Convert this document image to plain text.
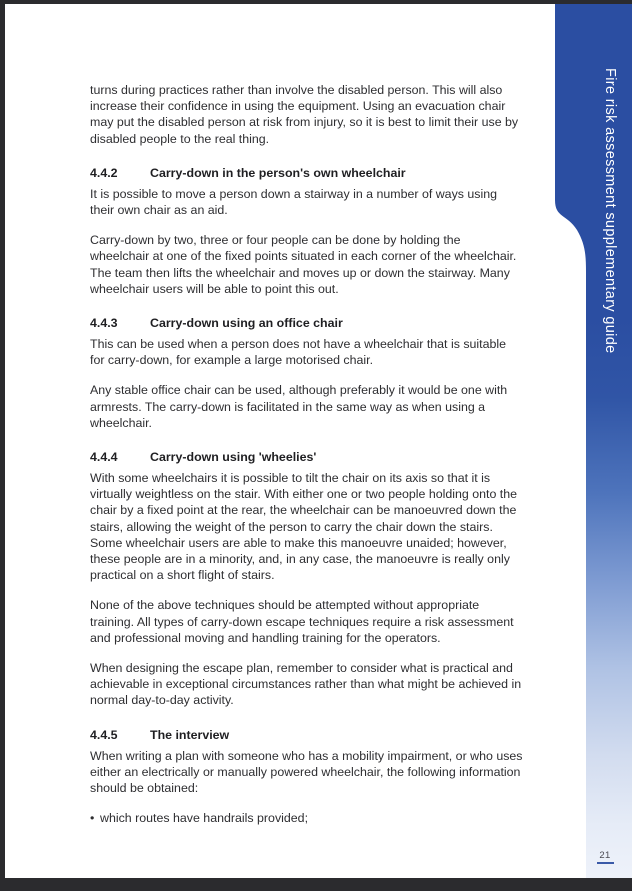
Fire risk assessment supplementary guide
21

turns during practices rather than involve the disabled person. This will also increase their confidence in using the equipment. Using an evacuation chair may put the disabled person at risk from injury, so it is best to limit their use by disabled people to the real thing.

4.4.2	Carry-down in the person's own wheelchair

It is possible to move a person down a stairway in a number of ways using their own chair as an aid.

Carry-down by two, three or four people can be done by holding the wheelchair at one of the fixed points situated in each corner of the wheelchair. The team then lifts the wheelchair and moves up or down the stairway. Many wheelchair users will be able to point this out.

4.4.3	Carry-down using an office chair

This can be used when a person does not have a wheelchair that is suitable for carry-down, for example a large motorised chair.

Any stable office chair can be used, although preferably it would be one with armrests. The carry-down is facilitated in the same way as when using a wheelchair.

4.4.4	Carry-down using 'wheelies'

With some wheelchairs it is possible to tilt the chair on its axis so that it is virtually weightless on the stair. With either one or two people holding onto the chair by a fixed point at the rear, the wheelchair can be manoeuvred down the stairs, allowing the weight of the person to carry the chair down the stairs. Some wheelchair users are able to make this manoeuvre unaided; however, these people are in a minority, and, in any case, the manoeuvre is really only practical on a short flight of stairs.

None of the above techniques should be attempted without appropriate training. All types of carry-down escape techniques require a risk assessment and professional moving and handling training for the operators.

When designing the escape plan, remember to consider what is practical and achievable in exceptional circumstances rather than what might be achieved in normal day-to-day activity.

4.4.5	The interview

When writing a plan with someone who has a mobility impairment, or who uses either an electrically or manually powered wheelchair, the following information should be obtained:

• which routes have handrails provided;
